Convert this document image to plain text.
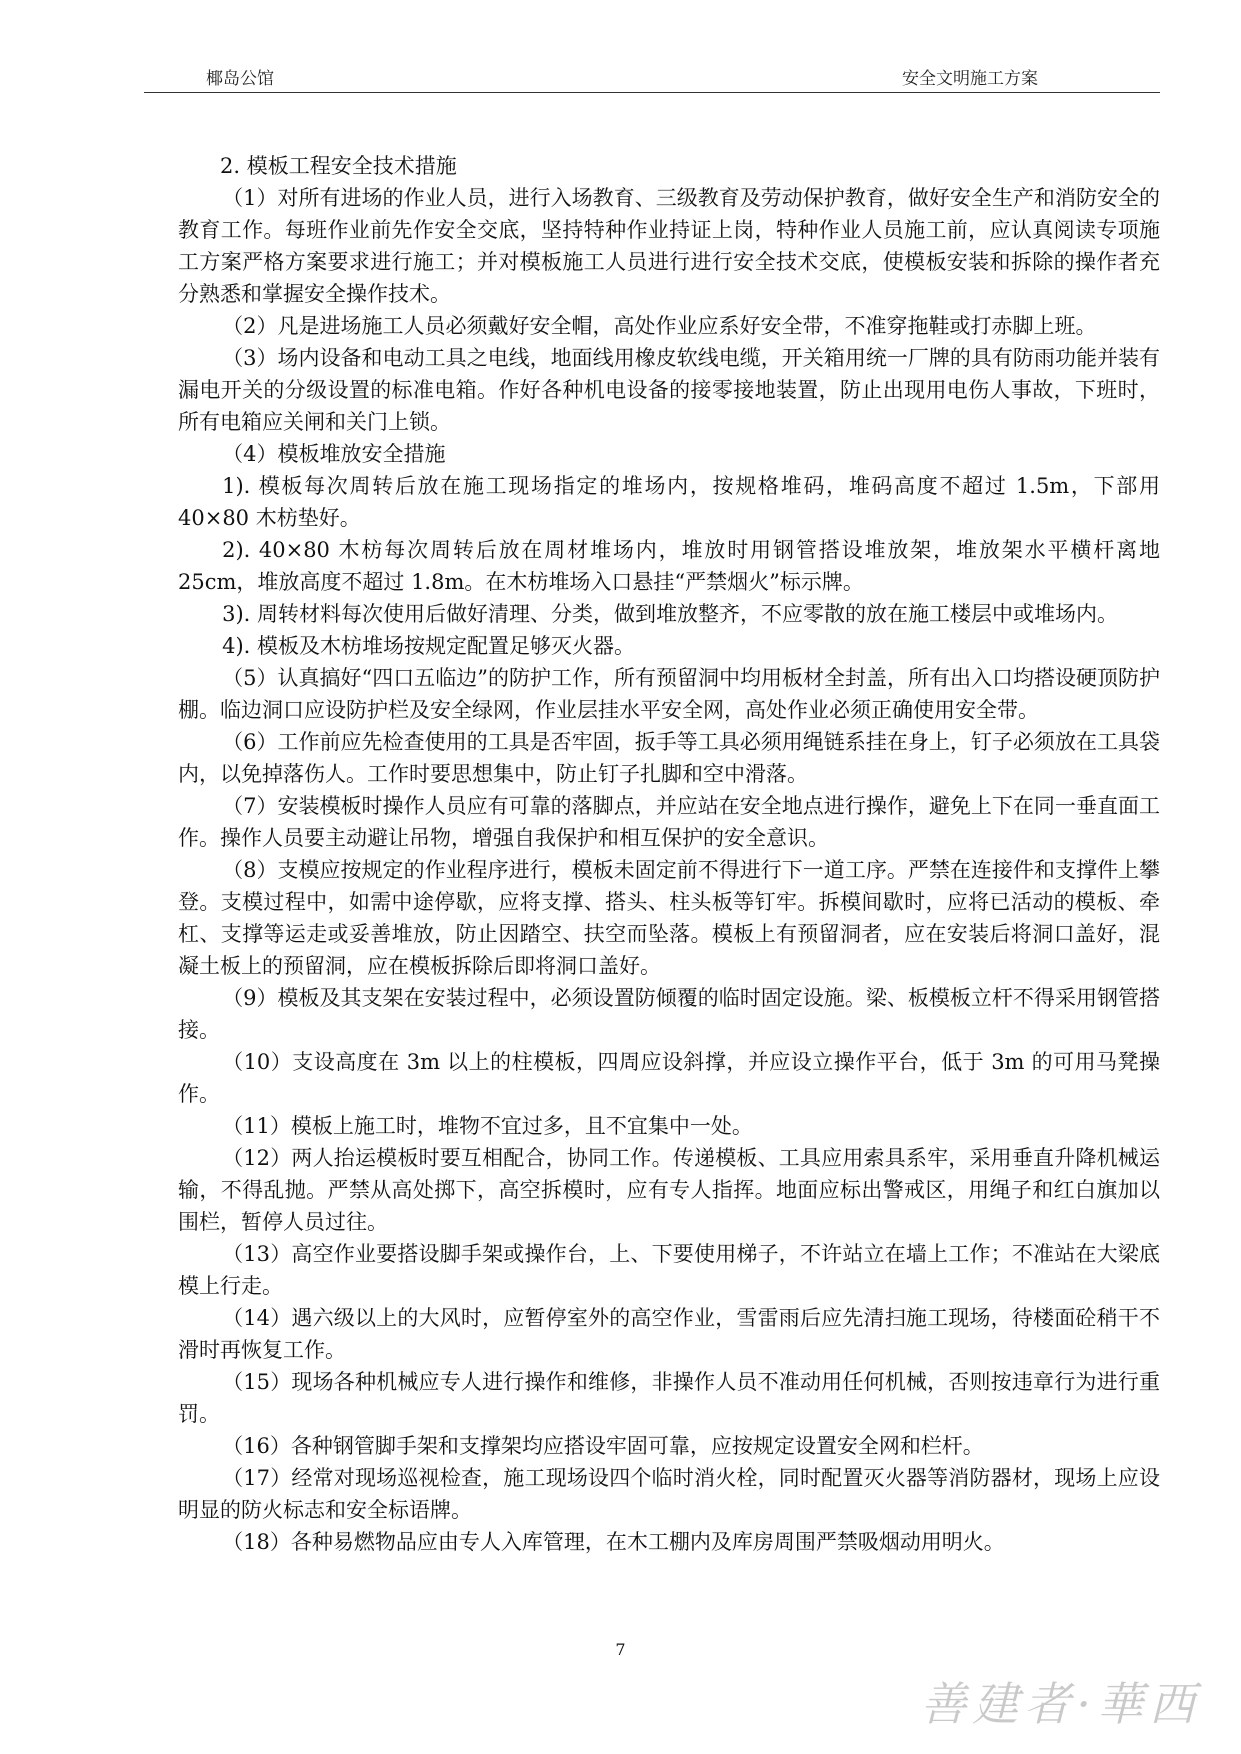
椰岛公馆	安全文明施工方案

2. 模板工程安全技术措施

（1）对所有进场的作业人员，进行入场教育、三级教育及劳动保护教育，做好安全生产和消防安全的教育工作。每班作业前先作安全交底，坚持特种作业持证上岗，特种作业人员施工前，应认真阅读专项施工方案严格方案要求进行施工；并对模板施工人员进行进行安全技术交底，使模板安装和拆除的操作者充分熟悉和掌握安全操作技术。

（2）凡是进场施工人员必须戴好安全帽，高处作业应系好安全带，不准穿拖鞋或打赤脚上班。

（3）场内设备和电动工具之电线，地面线用橡皮软线电缆，开关箱用统一厂牌的具有防雨功能并装有漏电开关的分级设置的标准电箱。作好各种机电设备的接零接地装置，防止出现用电伤人事故，下班时，所有电箱应关闸和关门上锁。

（4）模板堆放安全措施

1). 模板每次周转后放在施工现场指定的堆场内，按规格堆码，堆码高度不超过 1.5m，下部用 40×80 木枋垫好。

2). 40×80 木枋每次周转后放在周材堆场内，堆放时用钢管搭设堆放架，堆放架水平横杆离地 25cm，堆放高度不超过 1.8m。在木枋堆场入口悬挂“严禁烟火”标示牌。

3). 周转材料每次使用后做好清理、分类，做到堆放整齐，不应零散的放在施工楼层中或堆场内。

4). 模板及木枋堆场按规定配置足够灭火器。

（5）认真搞好“四口五临边”的防护工作，所有预留洞中均用板材全封盖，所有出入口均搭设硬顶防护棚。临边洞口应设防护栏及安全绿网，作业层挂水平安全网，高处作业必须正确使用安全带。

（6）工作前应先检查使用的工具是否牢固，扳手等工具必须用绳链系挂在身上，钉子必须放在工具袋内，以免掉落伤人。工作时要思想集中，防止钉子扎脚和空中滑落。

（7）安装模板时操作人员应有可靠的落脚点，并应站在安全地点进行操作，避免上下在同一垂直面工作。操作人员要主动避让吊物，增强自我保护和相互保护的安全意识。

（8）支模应按规定的作业程序进行，模板未固定前不得进行下一道工序。严禁在连接件和支撑件上攀登。支模过程中，如需中途停歇，应将支撑、搭头、柱头板等钉牢。拆模间歇时，应将已活动的模板、牵杠、支撑等运走或妥善堆放，防止因踏空、扶空而坠落。模板上有预留洞者，应在安装后将洞口盖好，混凝土板上的预留洞，应在模板拆除后即将洞口盖好。

（9）模板及其支架在安装过程中，必须设置防倾覆的临时固定设施。梁、板模板立杆不得采用钢管搭接。

（10）支设高度在 3m 以上的柱模板，四周应设斜撑，并应设立操作平台，低于 3m 的可用马凳操作。

（11）模板上施工时，堆物不宜过多，且不宜集中一处。

（12）两人抬运模板时要互相配合，协同工作。传递模板、工具应用索具系牢，采用垂直升降机械运输，不得乱抛。严禁从高处掷下，高空拆模时，应有专人指挥。地面应标出警戒区，用绳子和红白旗加以围栏，暂停人员过往。

（13）高空作业要搭设脚手架或操作台，上、下要使用梯子，不许站立在墙上工作；不准站在大梁底模上行走。

（14）遇六级以上的大风时，应暂停室外的高空作业，雪雷雨后应先清扫施工现场，待楼面砼稍干不滑时再恢复工作。

（15）现场各种机械应专人进行操作和维修，非操作人员不准动用任何机械，否则按违章行为进行重罚。

（16）各种钢管脚手架和支撑架均应搭设牢固可靠，应按规定设置安全网和栏杆。

（17）经常对现场巡视检查，施工现场设四个临时消火栓，同时配置灭火器等消防器材，现场上应设明显的防火标志和安全标语牌。

（18）各种易燃物品应由专人入库管理，在木工棚内及库房周围严禁吸烟动用明火。

7
善建者·華西
